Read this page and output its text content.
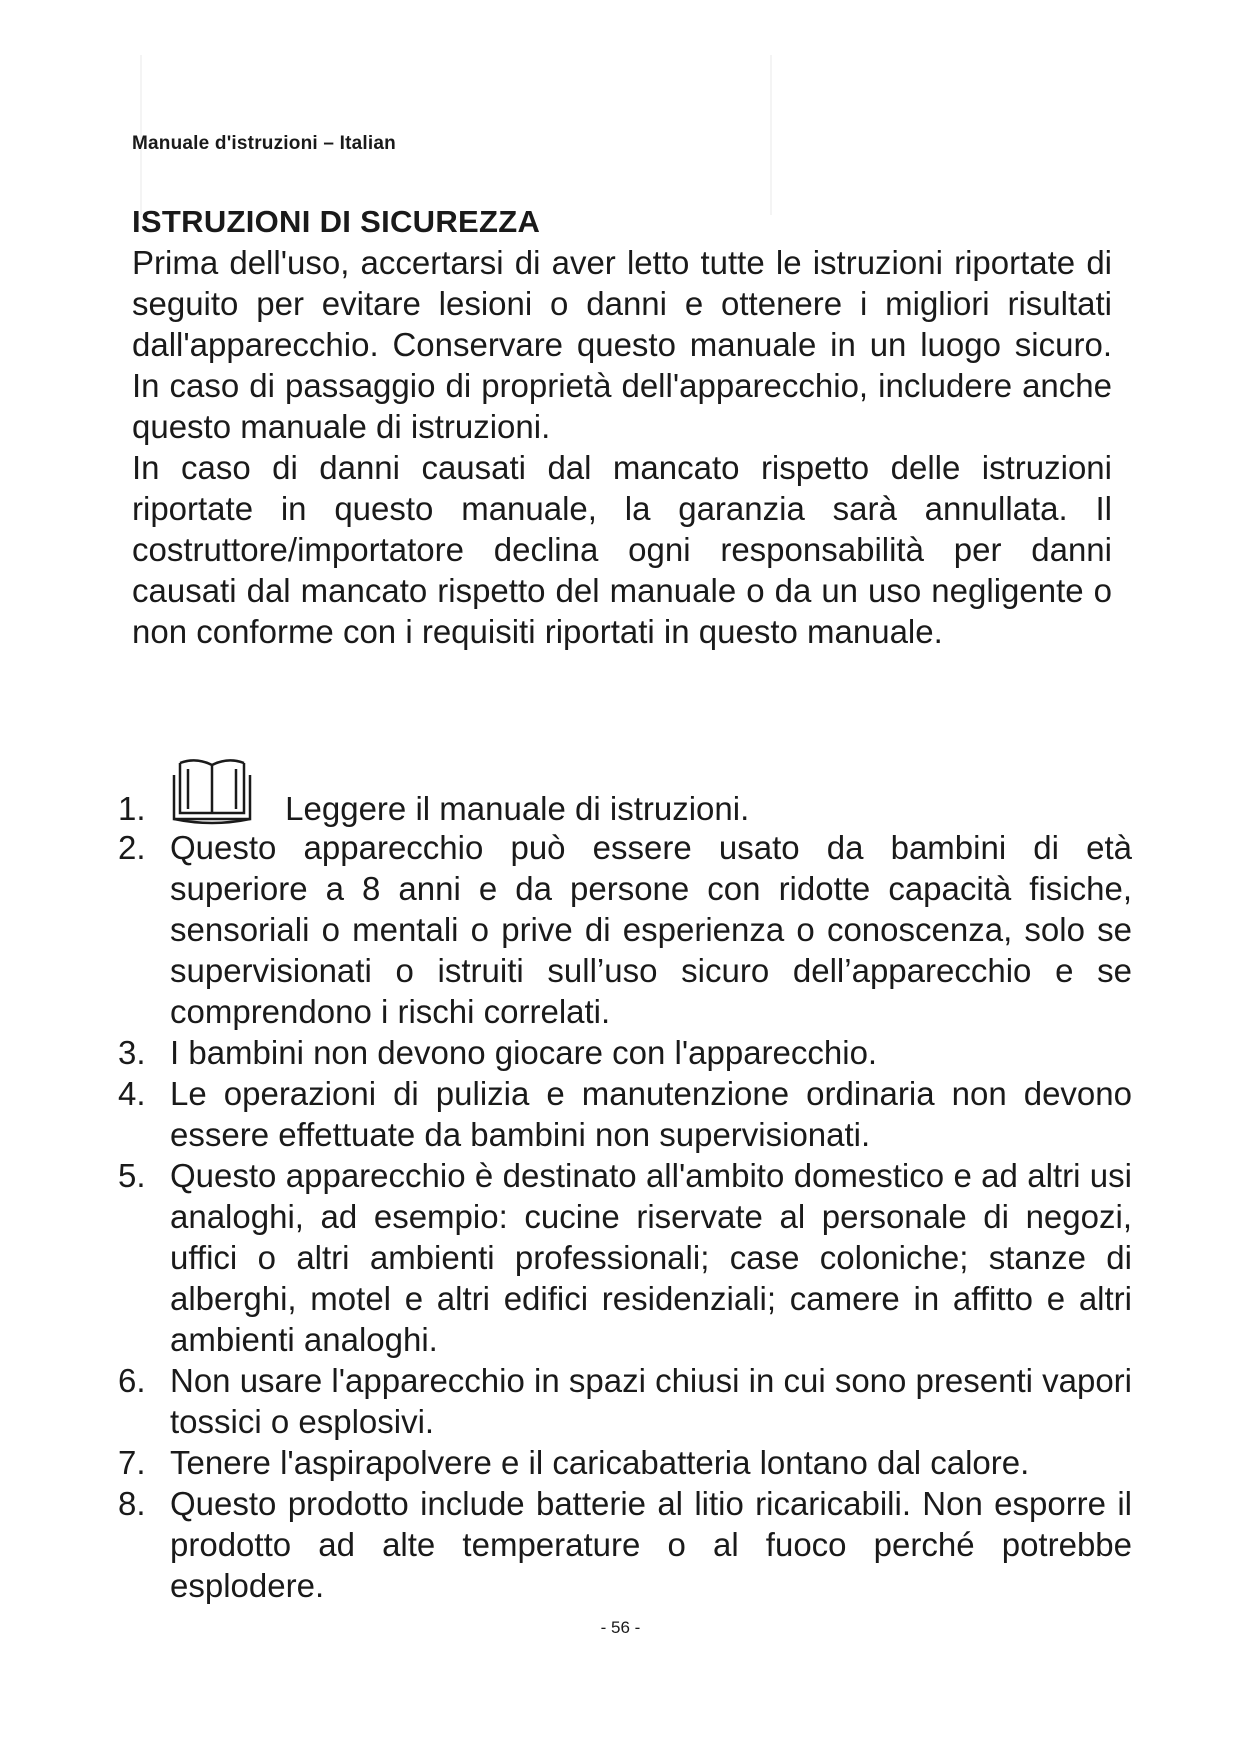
Manuale d'istruzioni – Italian
ISTRUZIONI DI SICUREZZA

Prima dell'uso, accertarsi di aver letto tutte le istruzioni riportate di seguito per evitare lesioni o danni e ottenere i migliori risultati dall'apparecchio. Conservare questo manuale in un luogo sicuro. In caso di passaggio di proprietà dell'apparecchio, includere anche questo manuale di istruzioni.

In caso di danni causati dal mancato rispetto delle istruzioni riportate in questo manuale, la garanzia sarà annullata. Il costruttore/importatore declina ogni responsabilità per danni causati dal mancato rispetto del manuale o da un uso negligente o non conforme con i requisiti riportati in questo manuale.

1.	Leggere il manuale di istruzioni.
2. Questo apparecchio può essere usato da bambini di età superiore a 8 anni e da persone con ridotte capacità fisiche, sensoriali o mentali o prive di esperienza o conoscenza, solo se supervisionati o istruiti sull’uso sicuro dell’apparecchio e se comprendono i rischi correlati.
3. I bambini non devono giocare con l'apparecchio.
4. Le operazioni di pulizia e manutenzione ordinaria non devono essere effettuate da bambini non supervisionati.
5. Questo apparecchio è destinato all'ambito domestico e ad altri usi analoghi, ad esempio: cucine riservate al personale di negozi, uffici o altri ambienti professionali; case coloniche; stanze di alberghi, motel e altri edifici residenziali; camere in affitto e altri ambienti analoghi.
6. Non usare l'apparecchio in spazi chiusi in cui sono presenti vapori tossici o esplosivi.
7. Tenere l'aspirapolvere e il caricabatteria lontano dal calore.
8. Questo prodotto include batterie al litio ricaricabili. Non esporre il prodotto ad alte temperature o al fuoco perché potrebbe esplodere.
- 56 -
